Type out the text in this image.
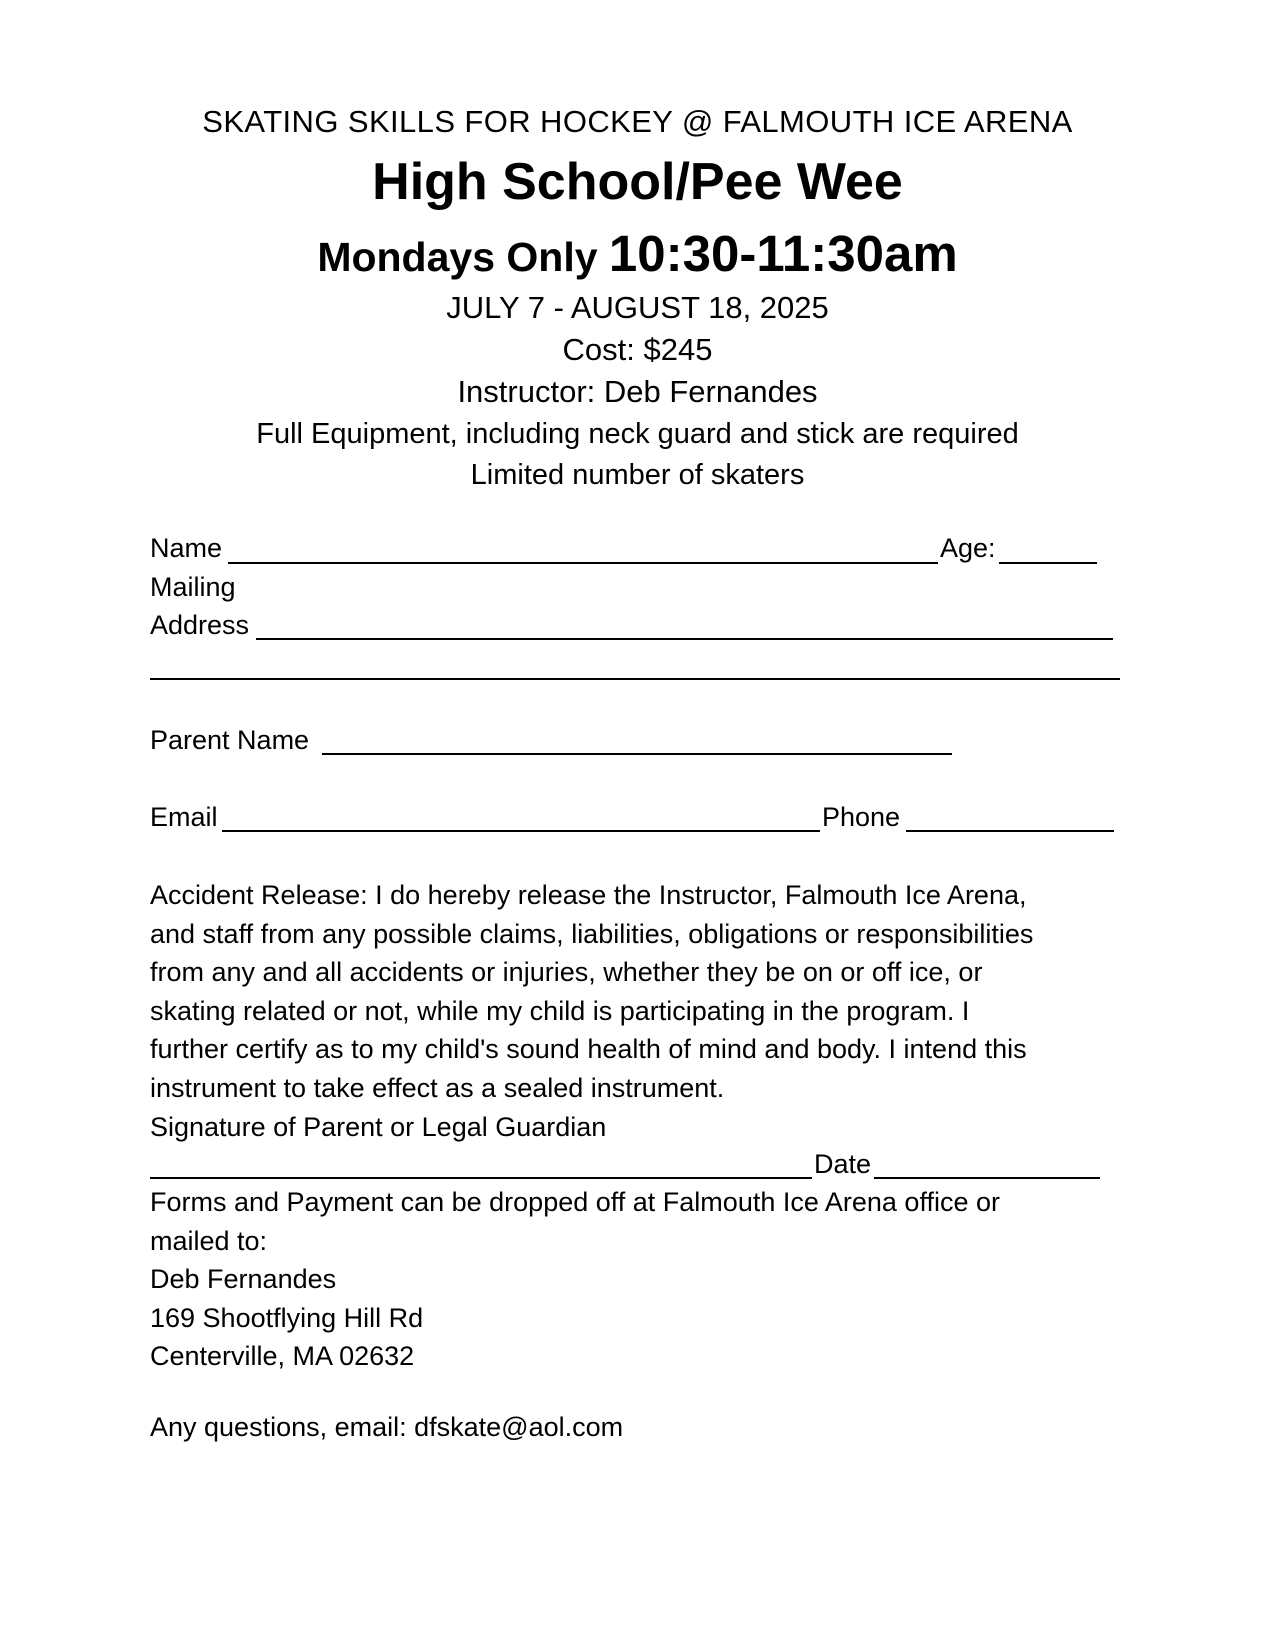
SKATING SKILLS FOR HOCKEY @ FALMOUTH ICE ARENA
High School/Pee Wee
Mondays Only 10:30-11:30am
JULY 7 - AUGUST 18, 2025
Cost: $245
Instructor: Deb Fernandes
Full Equipment, including neck guard and stick are required
Limited number of skaters
Name	Age:
Mailing
Address
Parent Name
Email	Phone
Accident Release: I do hereby release the Instructor, Falmouth Ice Arena,
and staff from any possible claims, liabilities, obligations or responsibilities
from any and all accidents or injuries, whether they be on or off ice, or
skating related or not, while my child is participating in the program. I
further certify as to my child's sound health of mind and body. I intend this
instrument to take effect as a sealed instrument.
Signature of Parent or Legal Guardian
Date
Forms and Payment can be dropped off at Falmouth Ice Arena office or
mailed to:
Deb Fernandes
169 Shootflying Hill Rd
Centerville, MA 02632
Any questions, email: dfskate@aol.com
